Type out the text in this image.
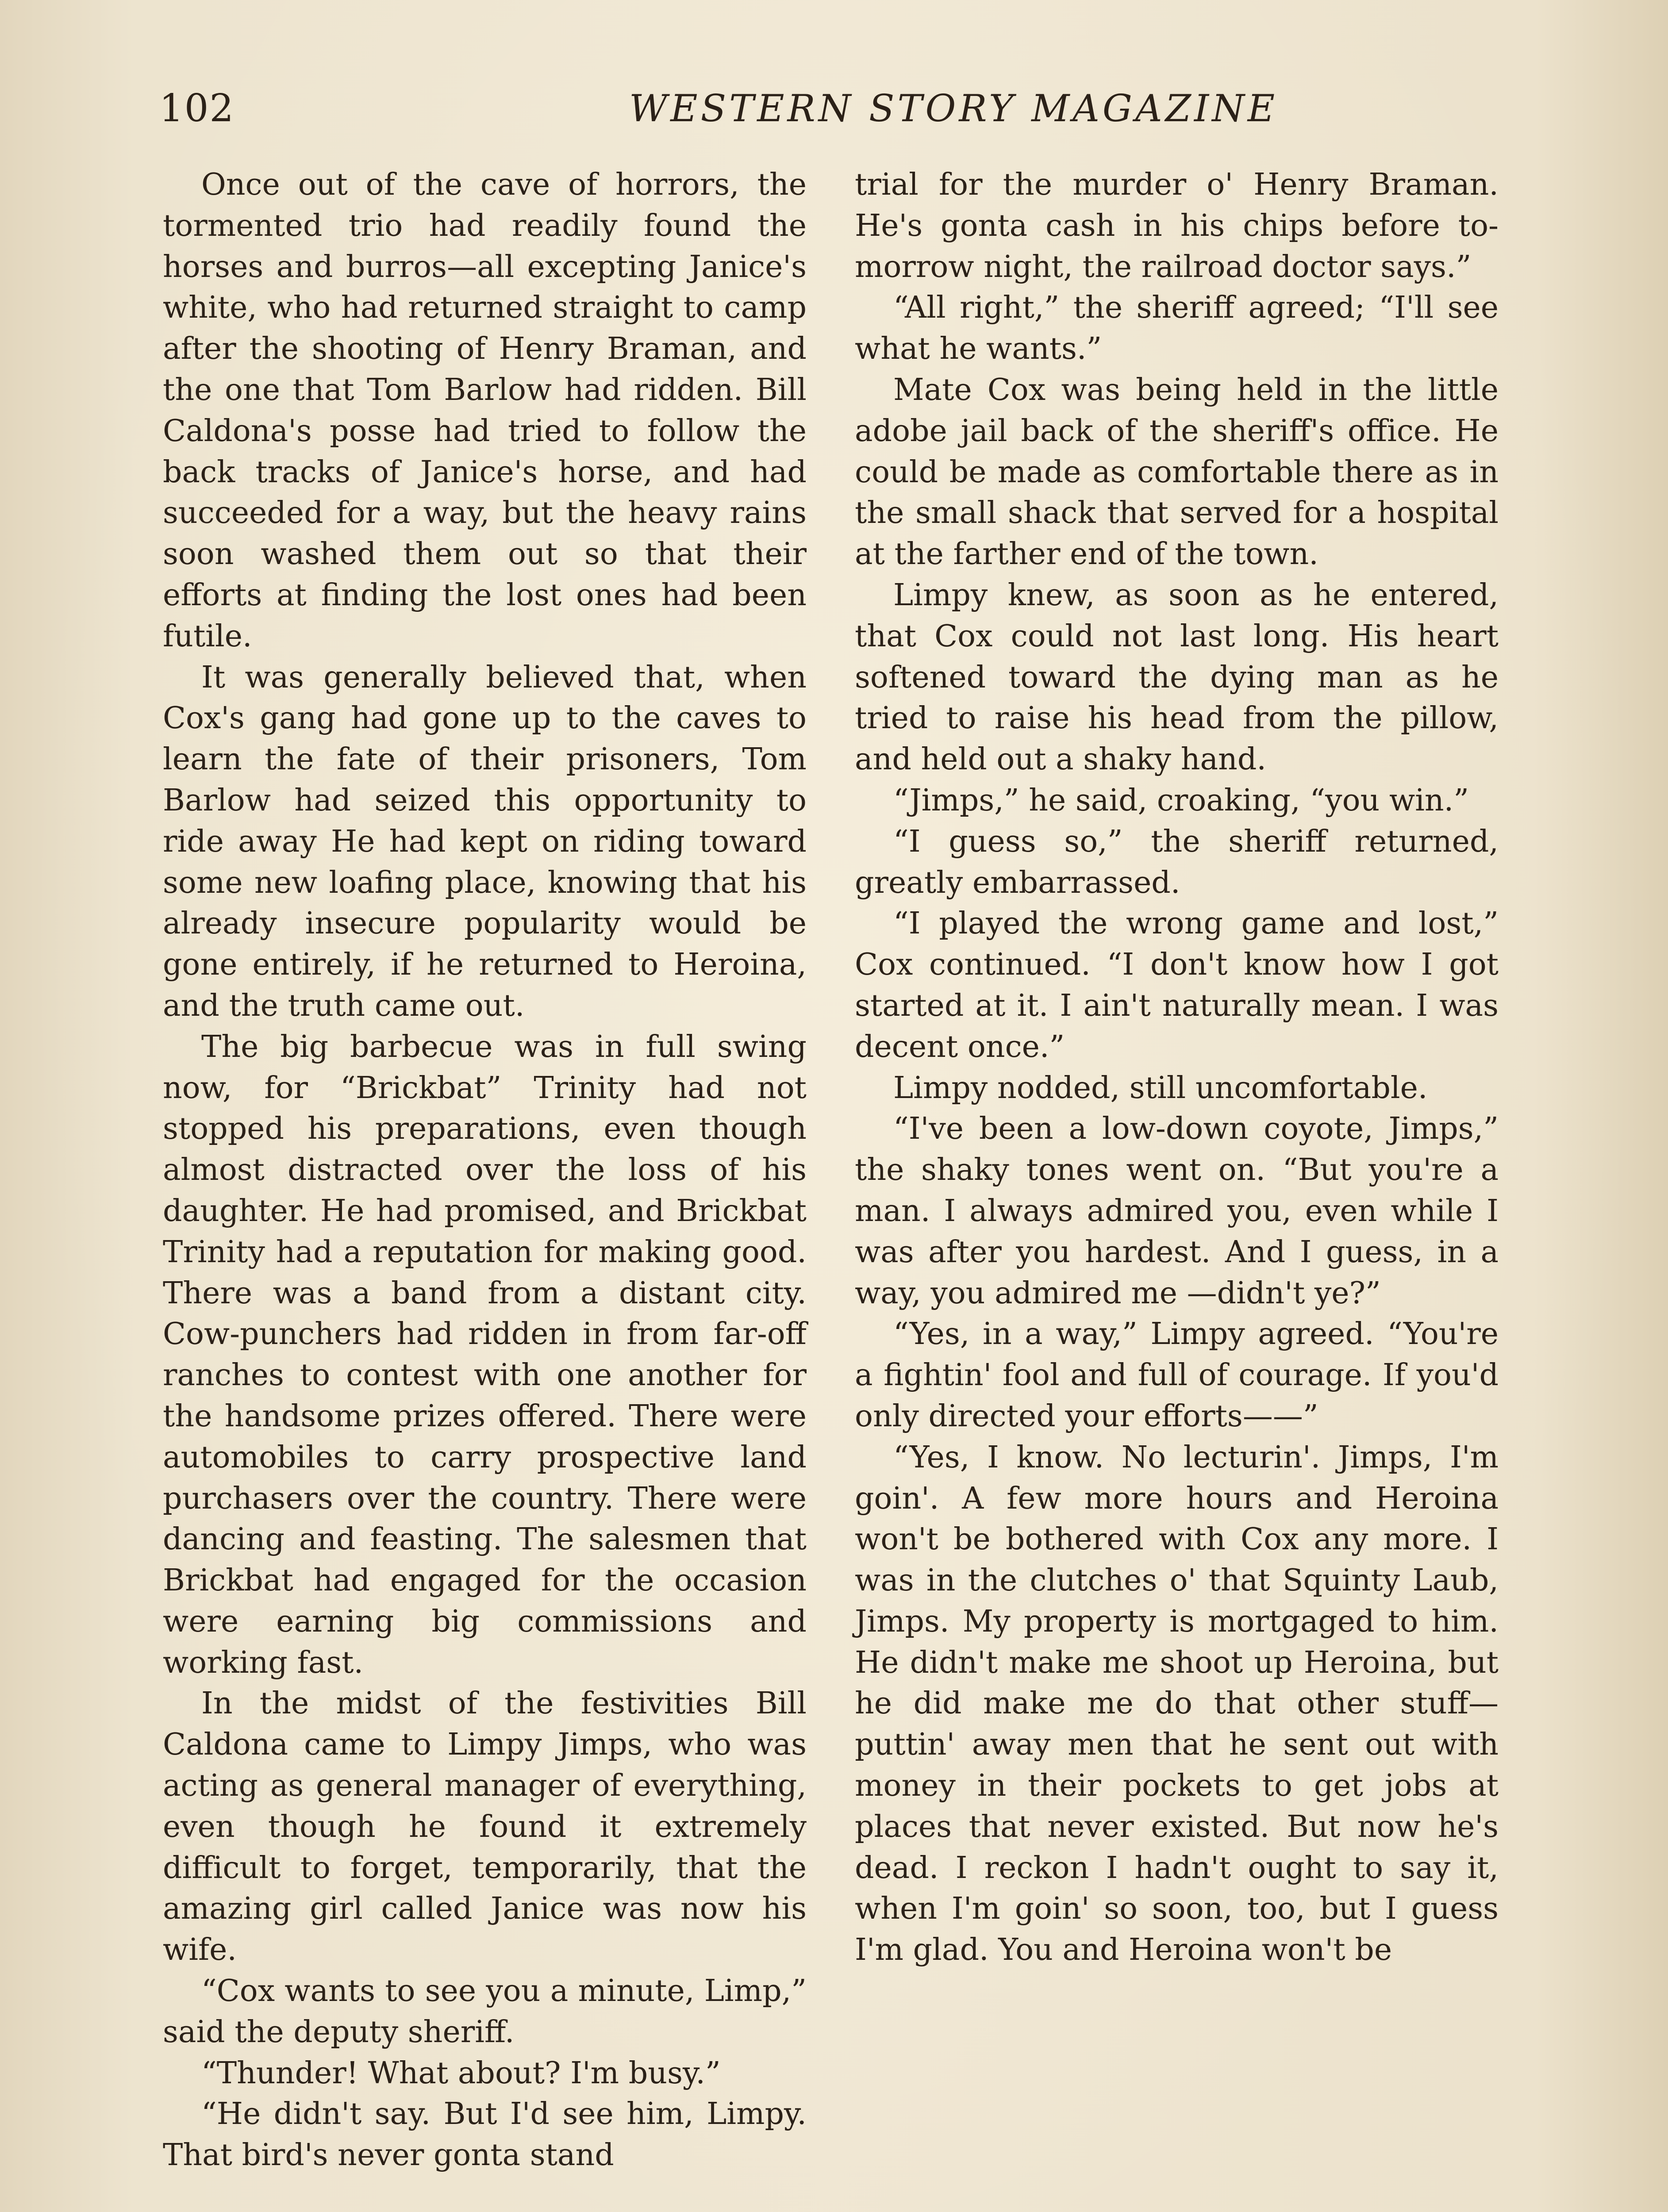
102	WESTERN STORY MAGAZINE

Once out of the cave of horrors, the tormented trio had readily found the horses and burros—all excepting Janice's white, who had returned straight to camp after the shooting of Henry Braman, and the one that Tom Barlow had ridden. Bill Caldona's posse had tried to follow the back tracks of Janice's horse, and had succeeded for a way, but the heavy rains soon washed them out so that their efforts at finding the lost ones had been futile.

It was generally believed that, when Cox's gang had gone up to the caves to learn the fate of their prisoners, Tom Barlow had seized this opportunity to ride away He had kept on riding toward some new loafing place, knowing that his already insecure popularity would be gone entirely, if he returned to Heroina, and the truth came out.

The big barbecue was in full swing now, for “Brickbat” Trinity had not stopped his preparations, even though almost distracted over the loss of his daughter. He had promised, and Brickbat Trinity had a reputation for making good. There was a band from a distant city. Cow-punchers had ridden in from far-off ranches to contest with one another for the handsome prizes offered. There were automobiles to carry prospective land purchasers over the country. There were dancing and feasting. The salesmen that Brickbat had engaged for the occasion were earning big commissions and working fast.

In the midst of the festivities Bill Caldona came to Limpy Jimps, who was acting as general manager of everything, even though he found it extremely difficult to forget, temporarily, that the amazing girl called Janice was now his wife.

“Cox wants to see you a minute, Limp,” said the deputy sheriff.

“Thunder! What about? I'm busy.”

“He didn't say. But I'd see him, Limpy. That bird's never gonta stand

trial for the murder o' Henry Braman. He's gonta cash in his chips before to-morrow night, the railroad doctor says.”

“All right,” the sheriff agreed; “I'll see what he wants.”

Mate Cox was being held in the little adobe jail back of the sheriff's office. He could be made as comfortable there as in the small shack that served for a hospital at the farther end of the town.

Limpy knew, as soon as he entered, that Cox could not last long. His heart softened toward the dying man as he tried to raise his head from the pillow, and held out a shaky hand.

“Jimps,” he said, croaking, “you win.”

“I guess so,” the sheriff returned, greatly embarrassed.

“I played the wrong game and lost,” Cox continued. “I don't know how I got started at it. I ain't naturally mean. I was decent once.”

Limpy nodded, still uncomfortable.

“I've been a low-down coyote, Jimps,” the shaky tones went on. “But you're a man. I always admired you, even while I was after you hardest. And I guess, in a way, you admired me —didn't ye?”

“Yes, in a way,” Limpy agreed. “You're a fightin' fool and full of courage. If you'd only directed your efforts——”

“Yes, I know. No lecturin'. Jimps, I'm goin'. A few more hours and Heroina won't be bothered with Cox any more. I was in the clutches o' that Squinty Laub, Jimps. My property is mortgaged to him. He didn't make me shoot up Heroina, but he did make me do that other stuff—puttin' away men that he sent out with money in their pockets to get jobs at places that never existed. But now he's dead. I reckon I hadn't ought to say it, when I'm goin' so soon, too, but I guess I'm glad. You and Heroina won't be
